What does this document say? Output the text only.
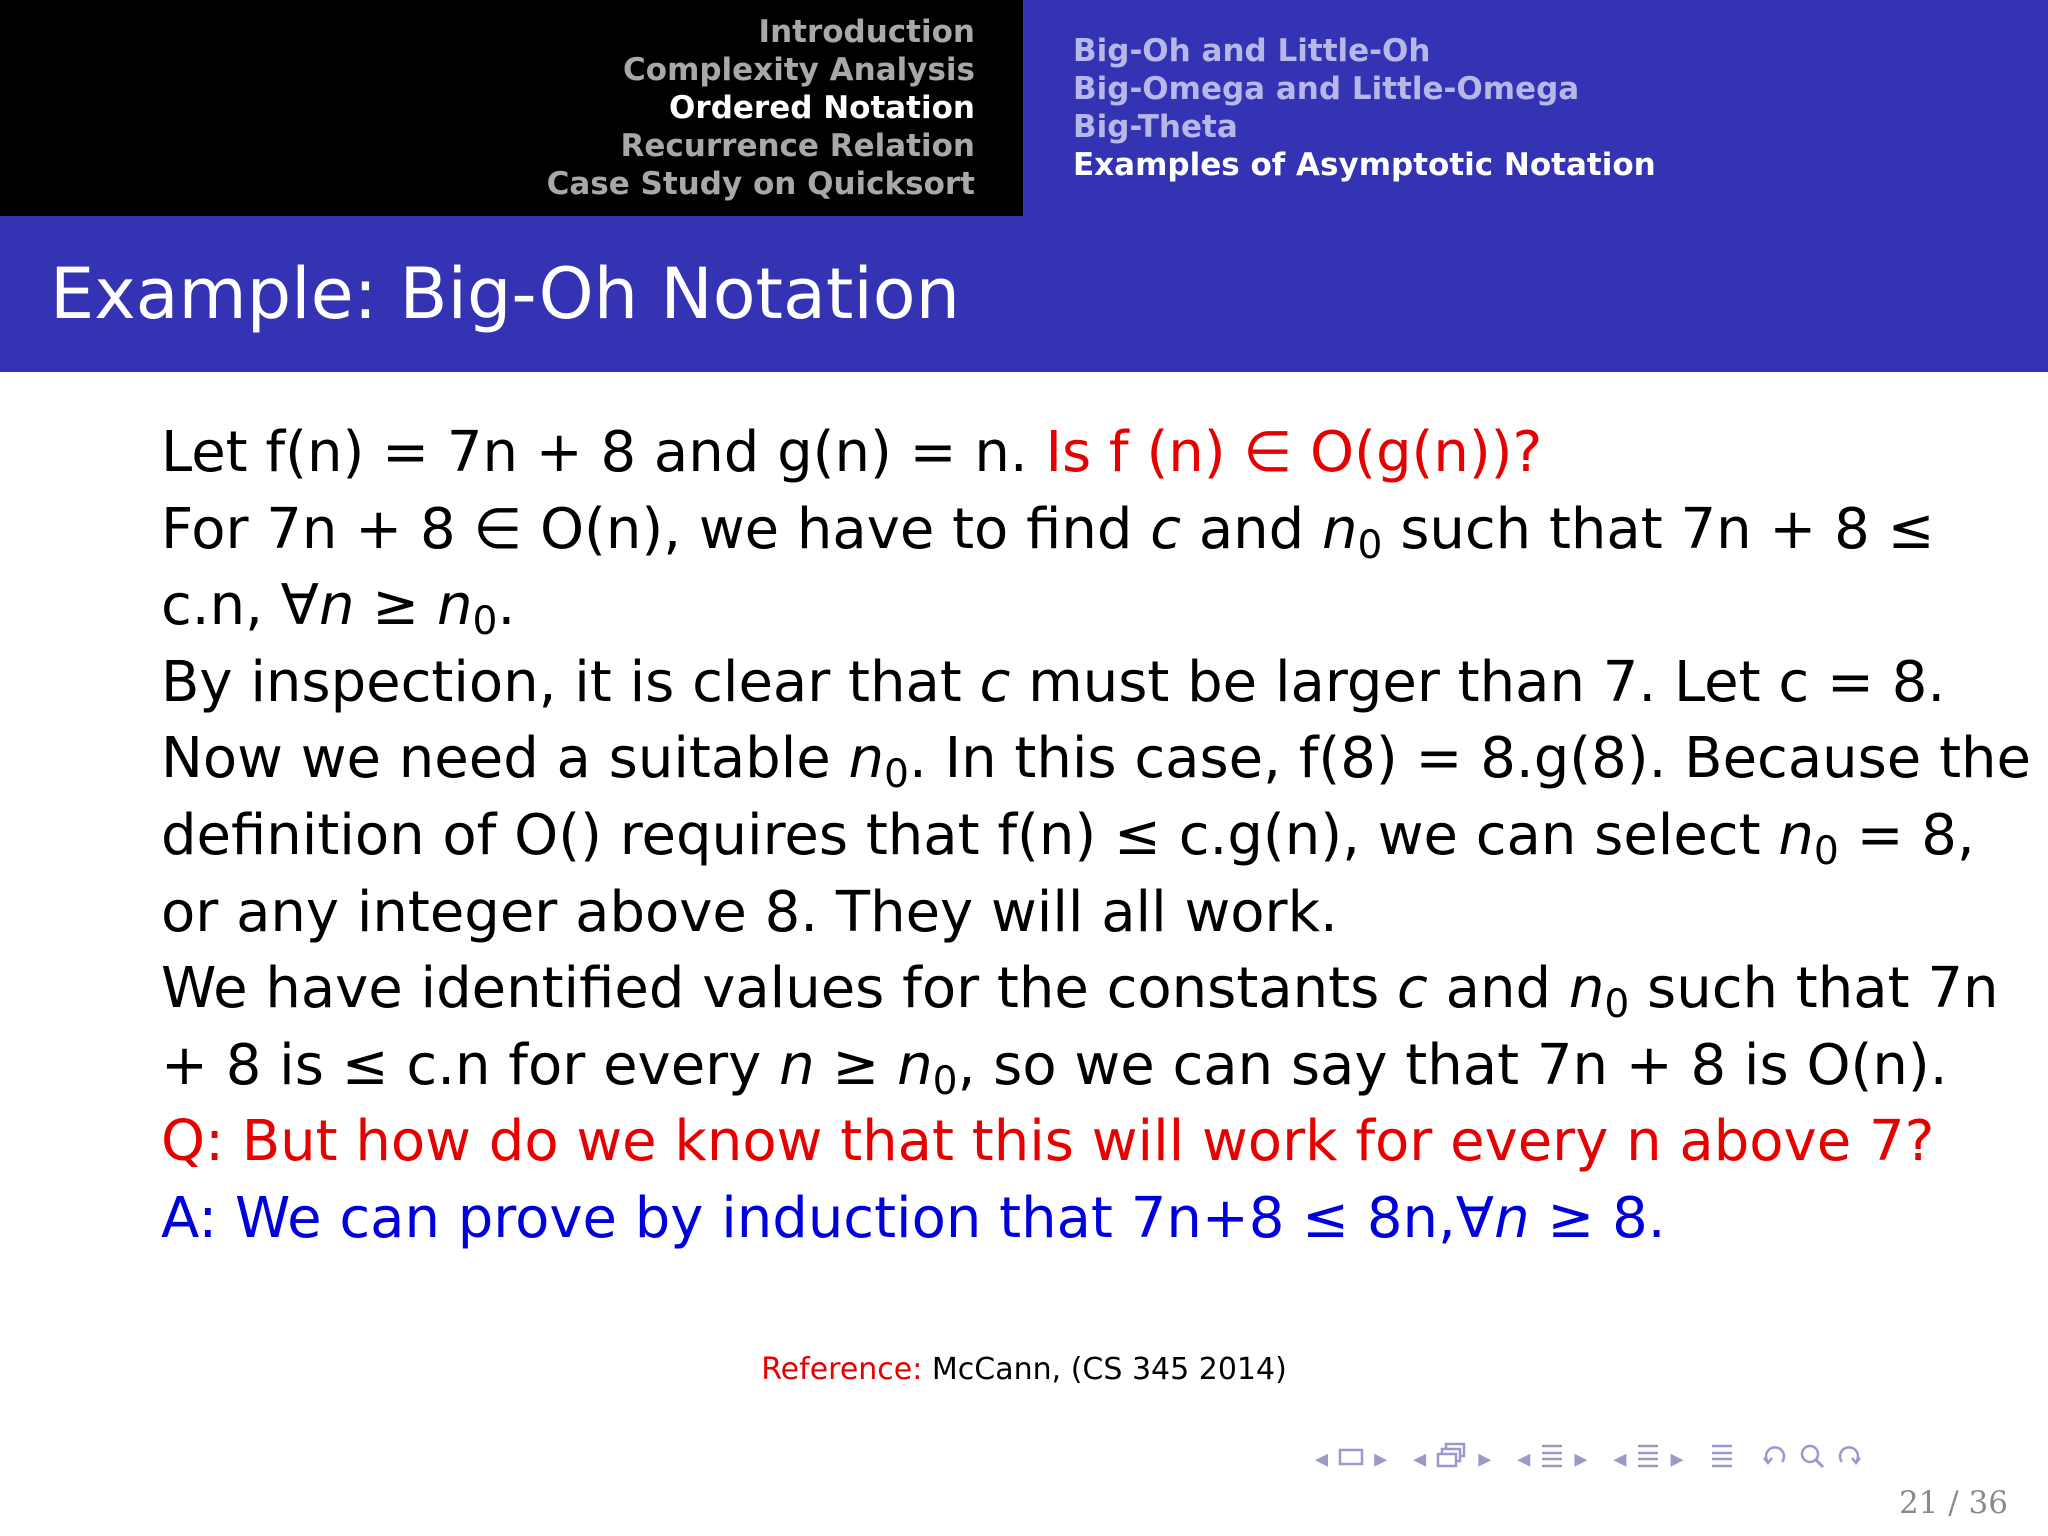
Introduction
Complexity Analysis
Ordered Notation
Recurrence Relation
Case Study on Quicksort
Big-Oh and Little-Oh
Big-Omega and Little-Omega
Big-Theta
Examples of Asymptotic Notation
Example: Big-Oh Notation
Let f(n) = 7n + 8 and g(n) = n. Is f (n) ∈ O(g(n))?
For 7n + 8 ∈ O(n), we have to find c and $n_0$ such that 7n + 8 ≤
c.n, ∀n ≥ $n_0$.
By inspection, it is clear that c must be larger than 7. Let c = 8.
Now we need a suitable $n_0$. In this case, f(8) = 8.g(8). Because the
definition of O() requires that f(n) ≤ c.g(n), we can select $n_0 = 8$,
or any integer above 8. They will all work.
We have identified values for the constants c and $n_0$ such that 7n
+ 8 is ≤ c.n for every $n \ge n_0$, so we can say that 7n + 8 is O(n).
Q: But how do we know that this will work for every n above 7?
A: We can prove by induction that 7n+8 ≤ 8n,∀n ≥ 8.
Reference: McCann, (CS 345 2014)
◂ ▸ ◂ ▸ ◂ ▸ ◂ ▸
21 / 36
